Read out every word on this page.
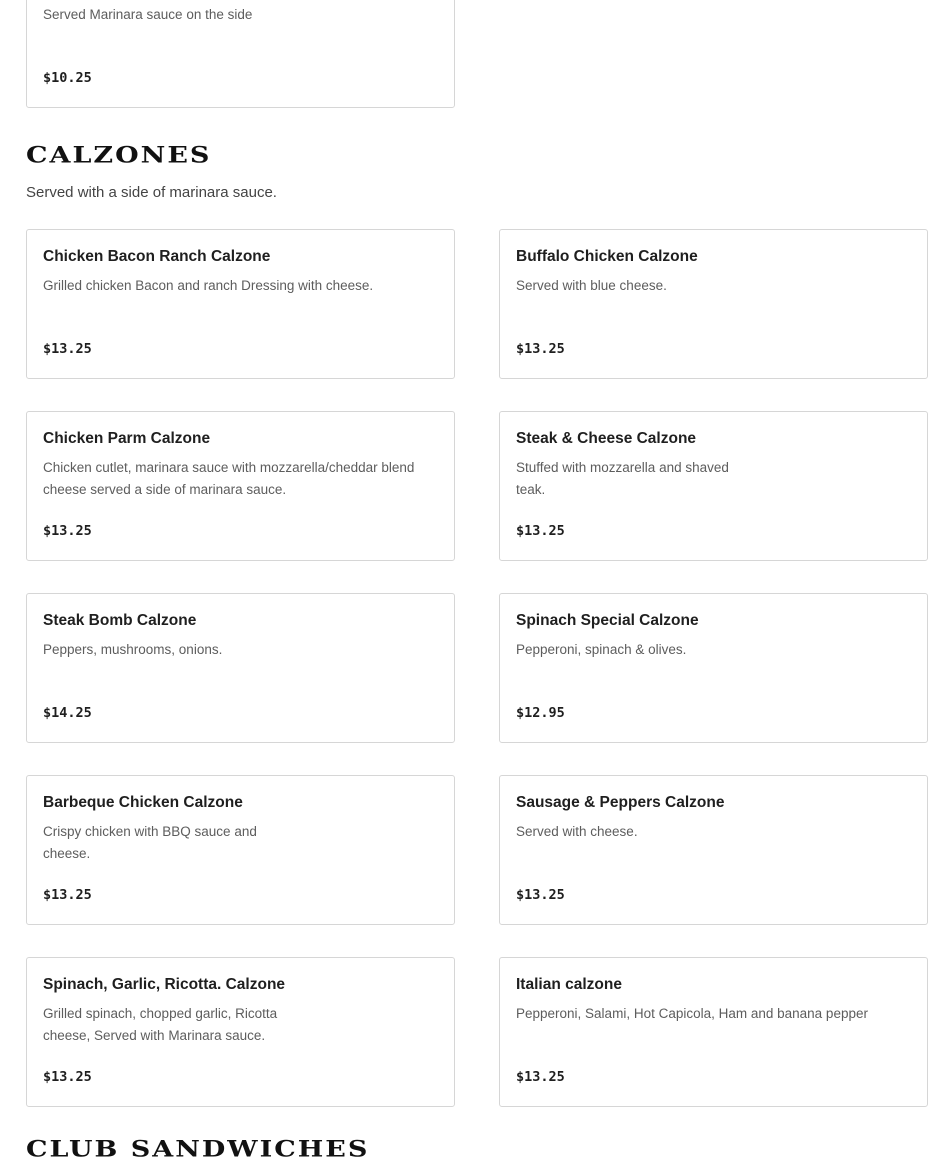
Served Marinara sauce on the side
$10.25
CALZONES
Served with a side of marinara sauce.
Chicken Bacon Ranch Calzone
Grilled chicken Bacon and ranch Dressing with cheese.
$13.25
Buffalo Chicken Calzone
Served with blue cheese.
$13.25
Chicken Parm Calzone
Chicken cutlet, marinara sauce with mozzarella/cheddar blend cheese served a side of marinara sauce.
$13.25
Steak & Cheese Calzone
Stuffed with mozzarella and shaved teak.
$13.25
Steak Bomb Calzone
Peppers, mushrooms, onions.
$14.25
Spinach Special Calzone
Pepperoni, spinach & olives.
$12.95
Barbeque Chicken Calzone
Crispy chicken with BBQ sauce and cheese.
$13.25
Sausage & Peppers Calzone
Served with cheese.
$13.25
Spinach, Garlic, Ricotta. Calzone
Grilled spinach, chopped garlic, Ricotta cheese, Served with Marinara sauce.
$13.25
Italian calzone
Pepperoni, Salami, Hot Capicola, Ham and banana pepper
$13.25
CLUB SANDWICHES
